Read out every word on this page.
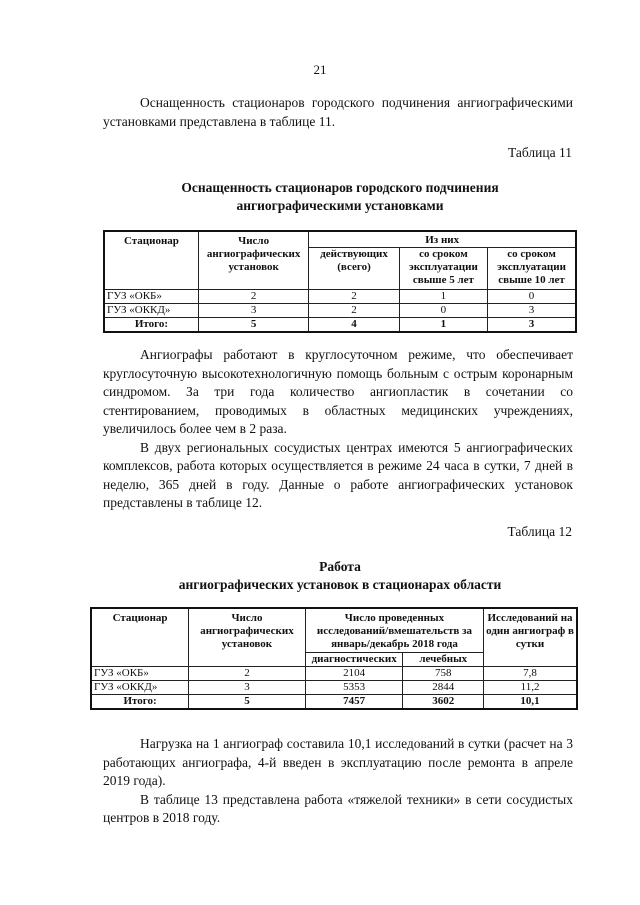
21

Оснащенность стационаров городского подчинения ангиографическими установками представлена в таблице 11.

Таблица 11
Оснащенность стационаров городского подчинения
ангиографическими установками
Стационар	Число ангиографических установок	Из них		
		действующих (всего)	со сроком эксплуатации свыше 5 лет	со сроком эксплуатации свыше 10 лет
ГУЗ «ОКБ»	2	2	1	0
ГУЗ «ОККД»	3	2	0	3
Итого:	5	4	1	3

Ангиографы работают в круглосуточном режиме, что обеспечивает круглосуточную высокотехнологичную помощь больным с острым коронарным синдромом. За три года количество ангиопластик в сочетании со стентированием, проводимых в областных медицинских учреждениях, увеличилось более чем в 2 раза.

В двух региональных сосудистых центрах имеются 5 ангиографических комплексов, работа которых осуществляется в режиме 24 часа в сутки, 7 дней в неделю, 365 дней в году. Данные о работе ангиографических установок представлены в таблице 12.

Таблица 12
Работа
ангиографических установок в стационарах области
Стационар	Число ангиографических установок	Число проведенных исследований/вмешательств за январь/декабрь 2018 года		Исследований на один ангиограф в сутки
		диагностических	лечебных	
ГУЗ «ОКБ»	2	2104	758	7,8
ГУЗ «ОККД»	3	5353	2844	11,2
Итого:	5	7457	3602	10,1

Нагрузка на 1 ангиограф составила 10,1 исследований в сутки (расчет на 3 работающих ангиографа, 4-й введен в эксплуатацию после ремонта в апреле 2019 года).

В таблице 13 представлена работа «тяжелой техники» в сети сосудистых центров в 2018 году.
